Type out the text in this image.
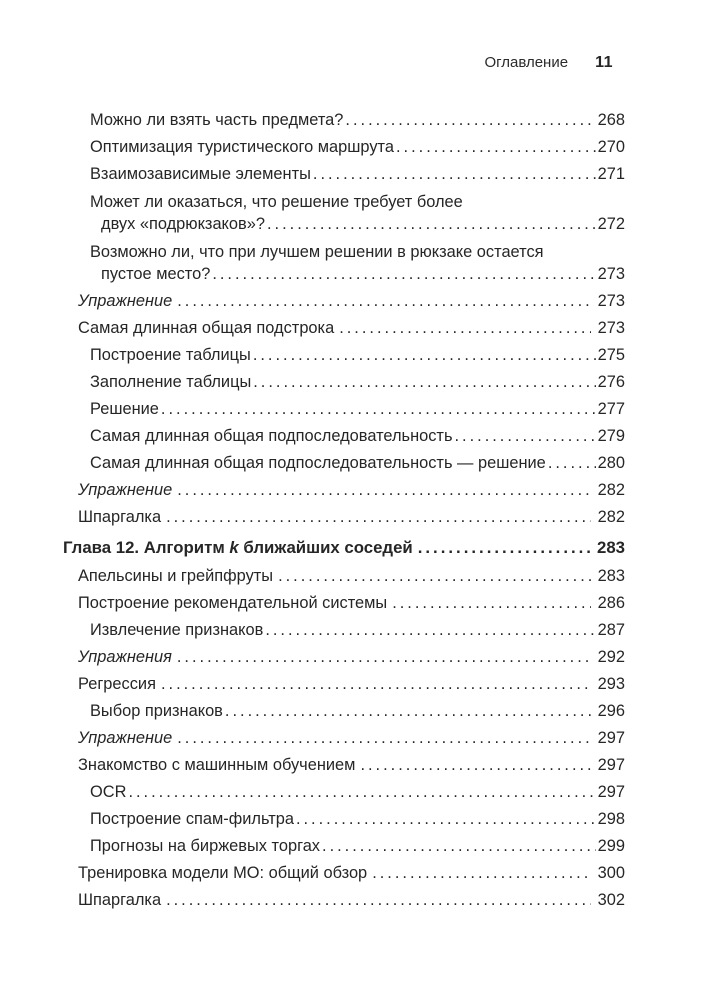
Оглавление 11
Можно ли взять часть предмета? .....	268
Оптимизация туристического маршрута .....	270
Взаимозависимые элементы .....	271
Может ли оказаться, что решение требует более
двух «подрюкзаков»? .....	272
Возможно ли, что при лучшем решении в рюкзаке остается
пустое место? .....	273
Упражнение .....	273
Самая длинная общая подстрока .....	273
Построение таблицы .....	275
Заполнение таблицы .....	276
Решение .....	277
Самая длинная общая подпоследовательность .....	279
Самая длинная общая подпоследовательность — решение .....	280
Упражнение .....	282
Шпаргалка .....	282
Глава 12. Алгоритм k ближайших соседей .....	283
Апельсины и грейпфруты .....	283
Построение рекомендательной системы .....	286
Извлечение признаков .....	287
Упражнения .....	292
Регрессия .....	293
Выбор признаков .....	296
Упражнение .....	297
Знакомство с машинным обучением .....	297
OCR .....	297
Построение спам-фильтра .....	298
Прогнозы на биржевых торгах .....	299
Тренировка модели МО: общий обзор .....	300
Шпаргалка .....	302
